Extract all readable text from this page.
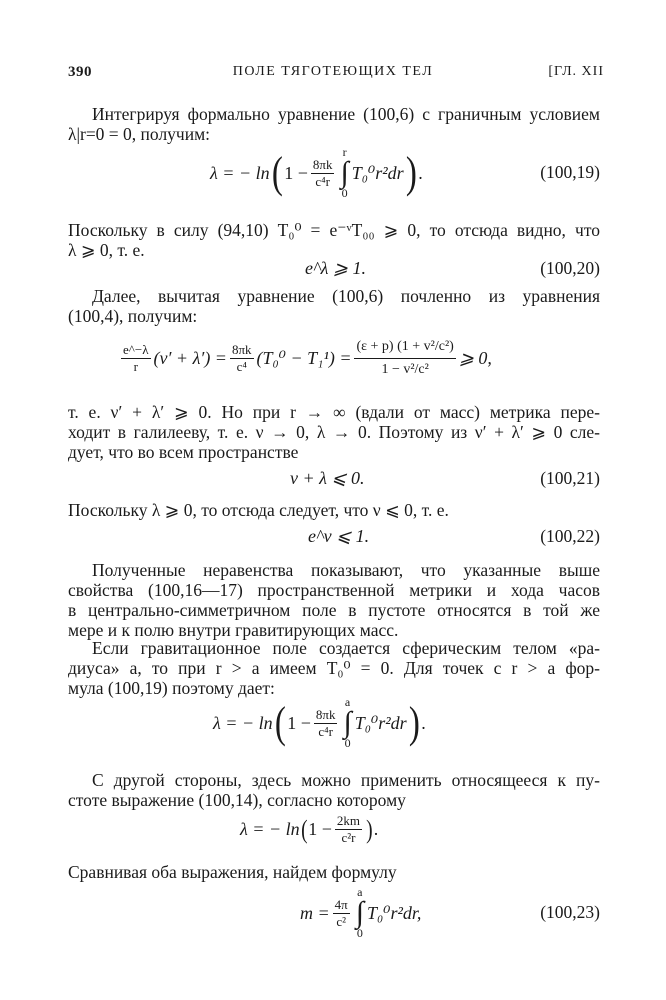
390	ПОЛЕ ТЯГОТЕЮЩИХ ТЕЛ	[ГЛ. XII
Интегрируя формально уравнение (100,6) с граничным условием
λ|r=0 = 0, получим:
λ = − ln ( $1 - \frac{8\pi k}{\text{c⁴r}}$
r
∫
0
T₀⁰r²dr ) .	(100,19)
Поскольку в силу (94,10) T₀⁰ = e⁻ᵛT₀₀ ⩾ 0, то отсюда видно, что
λ ⩾ 0, т. е.
e^λ ⩾ 1.	(100,20)
Далее, вычитая уравнение (100,6) почленно из уравнения
(100,4), получим:
$\frac{e\^{}-\lambda}{r} (\nu' + \lambda') = \frac{8\pi k}{\text{c⁴}} (T_0^0 - T_1^1) = \frac{\text{(ε + p) (1 + v²/c²)}}{\text{1 − v²/c²}}$ ⩾ 0,
т. е. ν′ + λ′ ⩾ 0. Но при r → ∞ (вдали от масс) метрика пере-
ходит в галилееву, т. е. ν → 0, λ → 0. Поэтому из ν′ + λ′ ⩾ 0 сле-
дует, что во всем пространстве
ν + λ ⩽ 0.	(100,21)
Поскольку λ ⩾ 0, то отсюда следует, что ν ⩽ 0, т. е.
e^ν ⩽ 1.	(100,22)
Полученные неравенства показывают, что указанные выше
свойства (100,16—17) пространственной метрики и хода часов
в центрально-симметричном поле в пустоте относятся в той же
мере и к полю внутри гравитирующих масс.
Если гравитационное поле создается сферическим телом «ра-
диуса» a, то при r > a имеем T₀⁰ = 0. Для точек с r > a фор-
мула (100,19) поэтому дает:
λ = − ln ( $1 - \frac{8\pi k}{\text{c⁴r}}$
a
∫
0
T₀⁰r²dr ) .
С другой стороны, здесь можно применить относящееся к пу-
стоте выражение (100,14), согласно которому
λ = − ln ( $1 - \frac{2km}{\text{c²r}}$ ) .
Сравнивая оба выражения, найдем формулу
$m = \frac{4\pi}{\text{c²}}$
a
∫
0
T₀⁰r²dr,	(100,23)
